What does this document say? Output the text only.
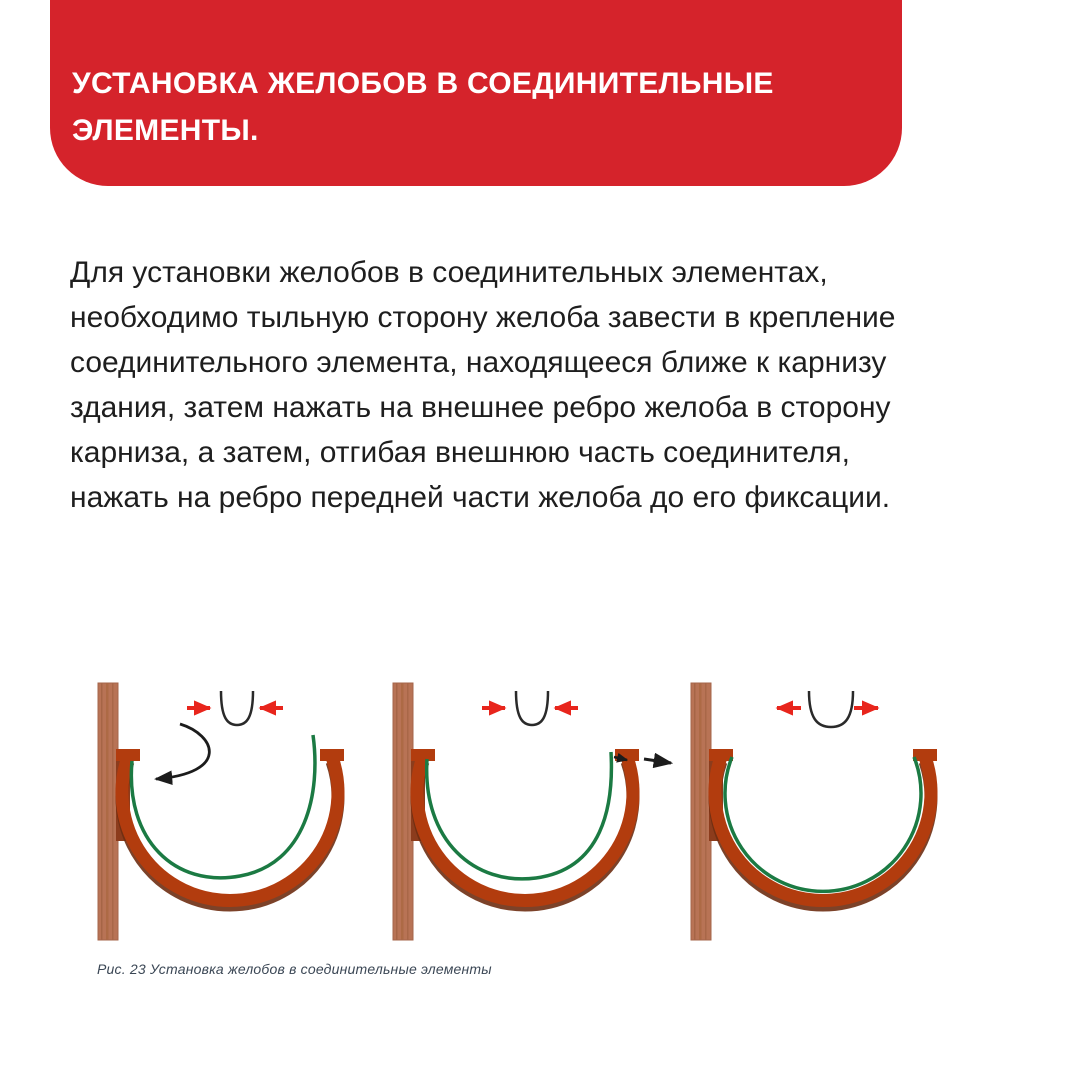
УСТАНОВКА ЖЕЛОБОВ В СОЕДИНИТЕЛЬНЫЕ ЭЛЕМЕНТЫ.

Для установки желобов в соединительных элементах, необходимо тыльную сторону желоба завести в крепление соединительного элемента, находящееся ближе к карнизу здания, затем нажать на внешнее ребро желоба в сторону карниза, а затем, отгибая внешнюю часть соединителя, нажать на ребро передней части желоба до его фиксации.

Рис. 23 Установка желобов в соединительные элементы
